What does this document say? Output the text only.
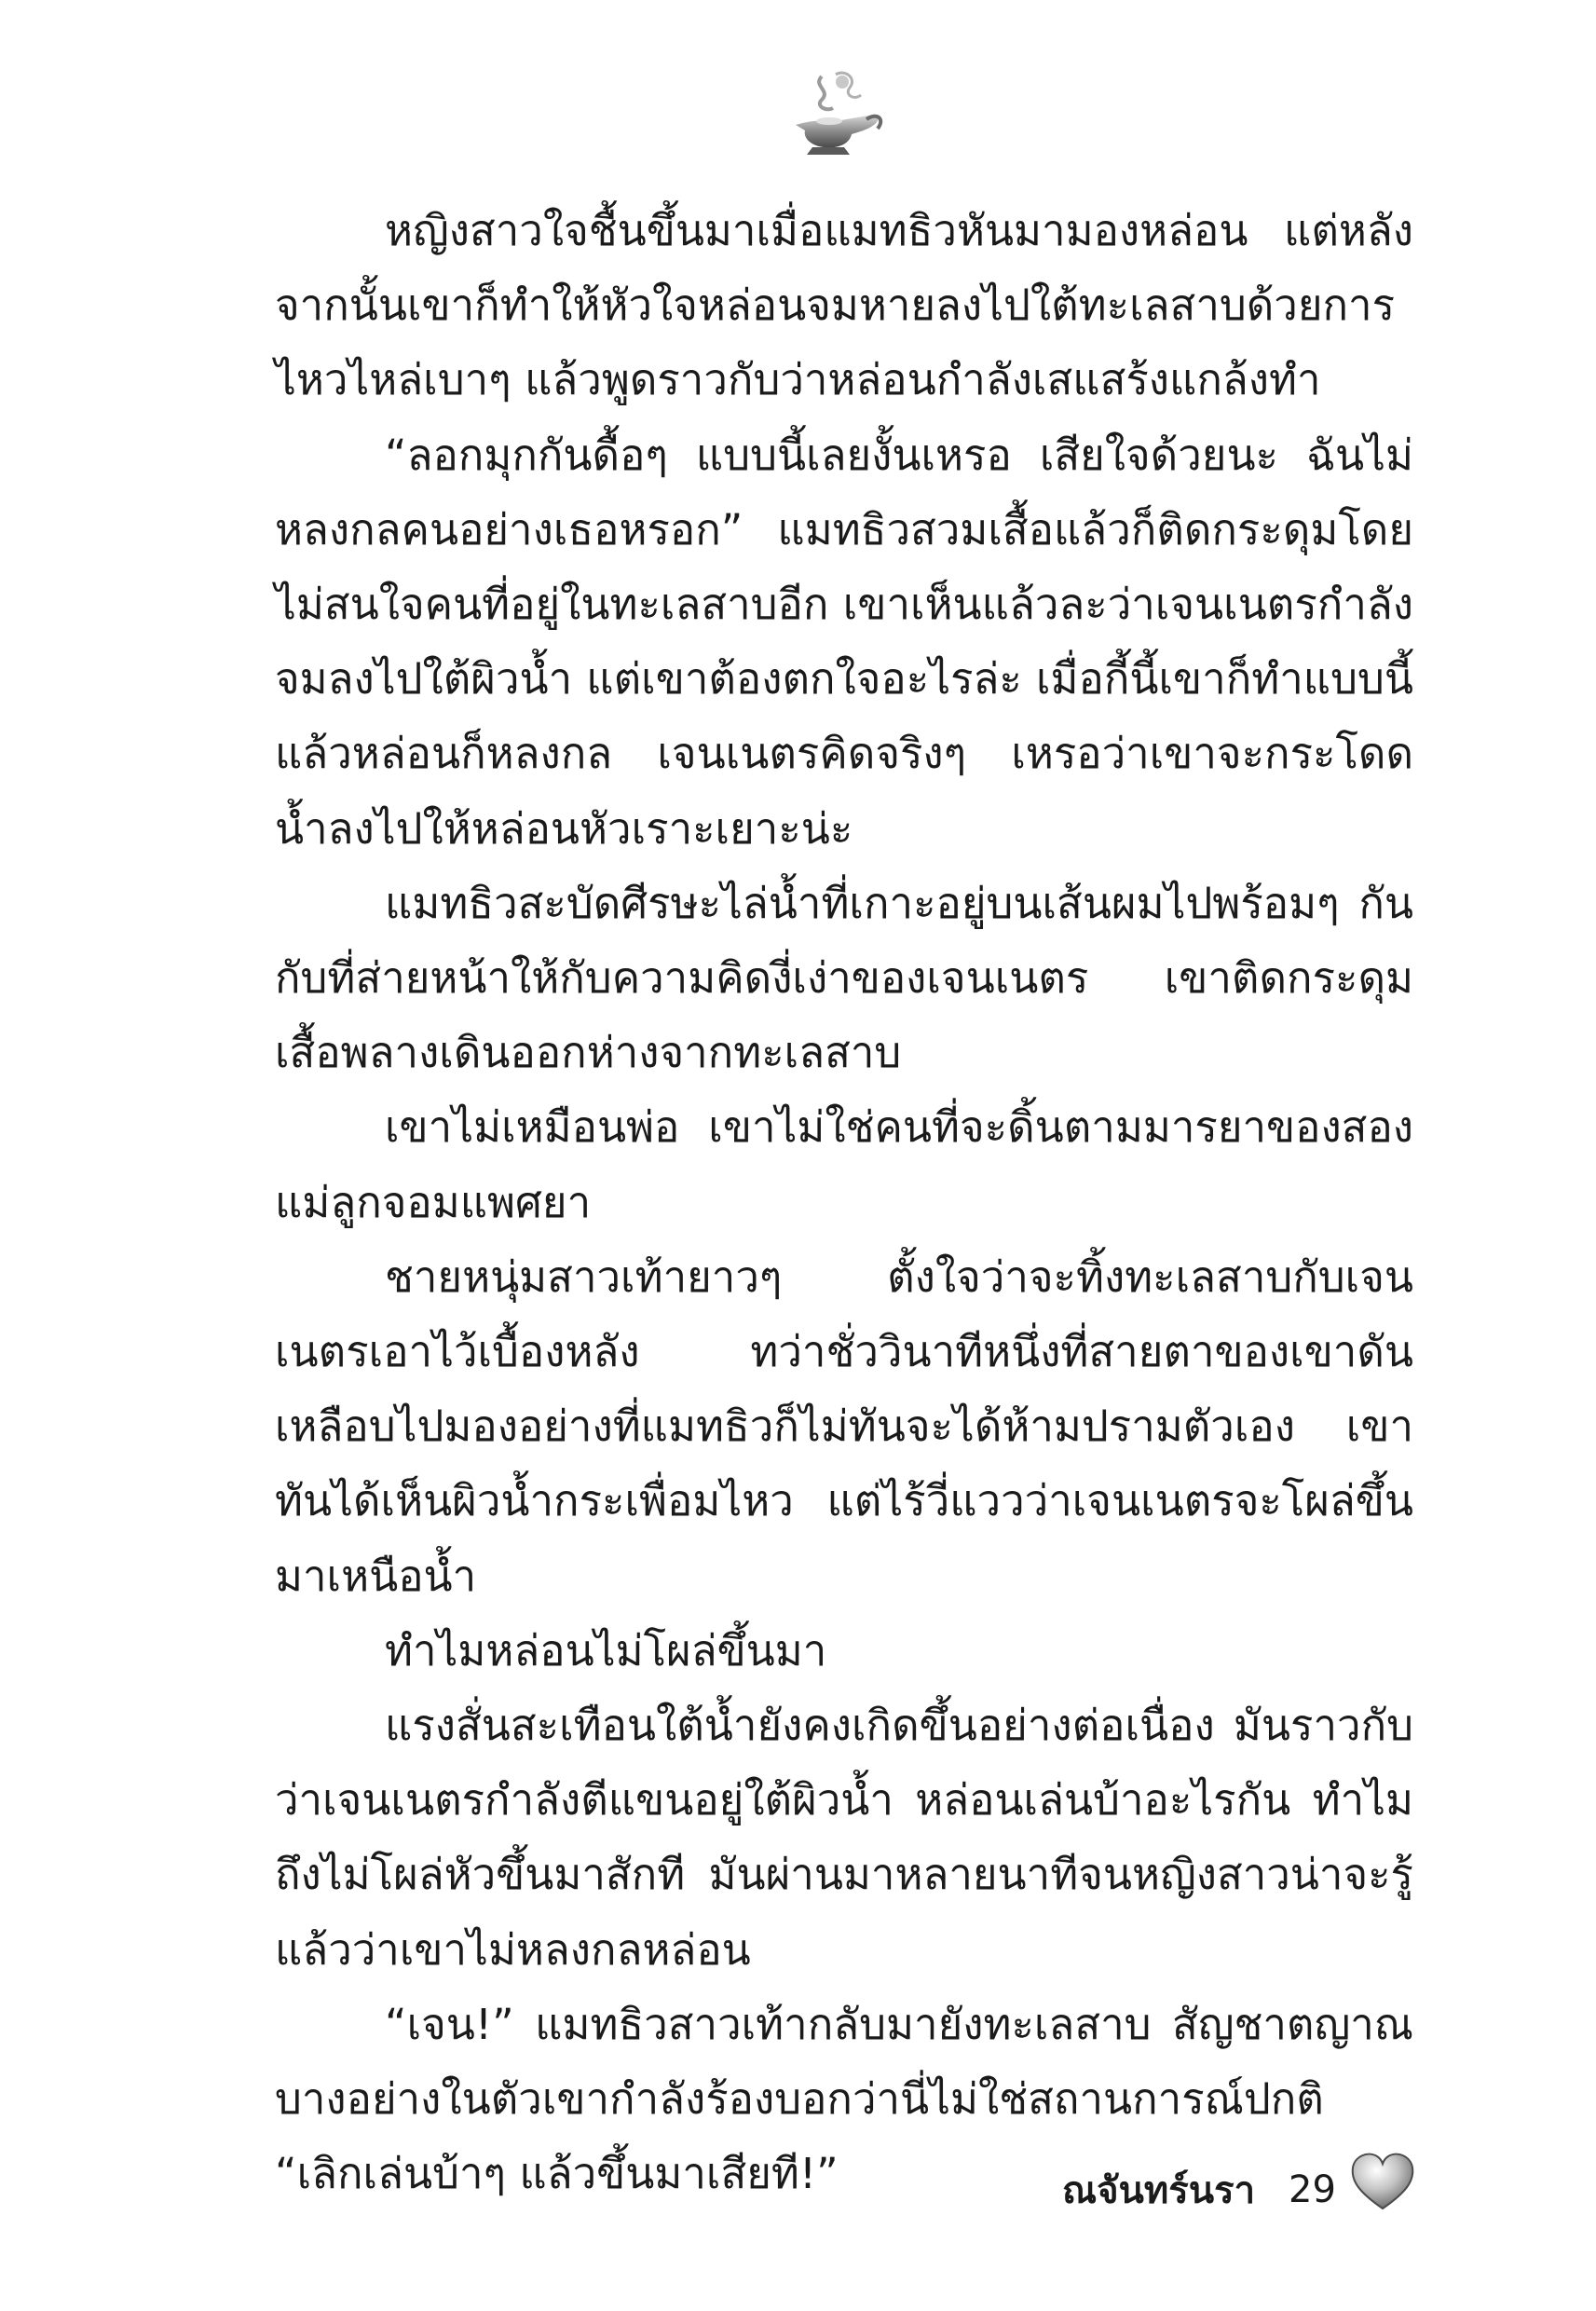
หญิงสาวใจชื้นขึ้นมาเมื่อแมทธิวหันมามองหล่อน แต่หลังจากนั้นเขาก็ทำให้หัวใจหล่อนจมหายลงไปใต้ทะเลสาบด้วยการไหวไหล่เบาๆ แล้วพูดราวกับว่าหล่อนกำลังเสแสร้งแกล้งทำ

“ลอกมุกกันดื้อๆ แบบนี้เลยงั้นเหรอ เสียใจด้วยนะ ฉันไม่หลงกลคนอย่างเธอหรอก” แมทธิวสวมเสื้อแล้วก็ติดกระดุมโดยไม่สนใจคนที่อยู่ในทะเลสาบอีก เขาเห็นแล้วละว่าเจนเนตรกำลังจมลงไปใต้ผิวน้ำ แต่เขาต้องตกใจอะไรล่ะ เมื่อกี้นี้เขาก็ทำแบบนี้แล้วหล่อนก็หลงกล เจนเนตรคิดจริงๆ เหรอว่าเขาจะกระโดดน้ำลงไปให้หล่อนหัวเราะเยาะน่ะ

แมทธิวสะบัดศีรษะไล่น้ำที่เกาะอยู่บนเส้นผมไปพร้อมๆ กันกับที่ส่ายหน้าให้กับความคิดงี่เง่าของเจนเนตร เขาติดกระดุมเสื้อพลางเดินออกห่างจากทะเลสาบ

เขาไม่เหมือนพ่อ เขาไม่ใช่คนที่จะดิ้นตามมารยาของสองแม่ลูกจอมแพศยา

ชายหนุ่มสาวเท้ายาวๆ ตั้งใจว่าจะทิ้งทะเลสาบกับเจนเนตรเอาไว้เบื้องหลัง ทว่าชั่ววินาทีหนึ่งที่สายตาของเขาดันเหลือบไปมองอย่างที่แมทธิวก็ไม่ทันจะได้ห้ามปรามตัวเอง เขาทันได้เห็นผิวน้ำกระเพื่อมไหว แต่ไร้วี่แววว่าเจนเนตรจะโผล่ขึ้นมาเหนือน้ำ

ทำไมหล่อนไม่โผล่ขึ้นมา

แรงสั่นสะเทือนใต้น้ำยังคงเกิดขึ้นอย่างต่อเนื่อง มันราวกับว่าเจนเนตรกำลังตีแขนอยู่ใต้ผิวน้ำ หล่อนเล่นบ้าอะไรกัน ทำไมถึงไม่โผล่หัวขึ้นมาสักที มันผ่านมาหลายนาทีจนหญิงสาวน่าจะรู้แล้วว่าเขาไม่หลงกลหล่อน

“เจน!” แมทธิวสาวเท้ากลับมายังทะเลสาบ สัญชาตญาณบางอย่างในตัวเขากำลังร้องบอกว่านี่ไม่ใช่สถานการณ์ปกติ “เลิกเล่นบ้าๆ แล้วขึ้นมาเสียที!”	ณจันทร์นรา 29
